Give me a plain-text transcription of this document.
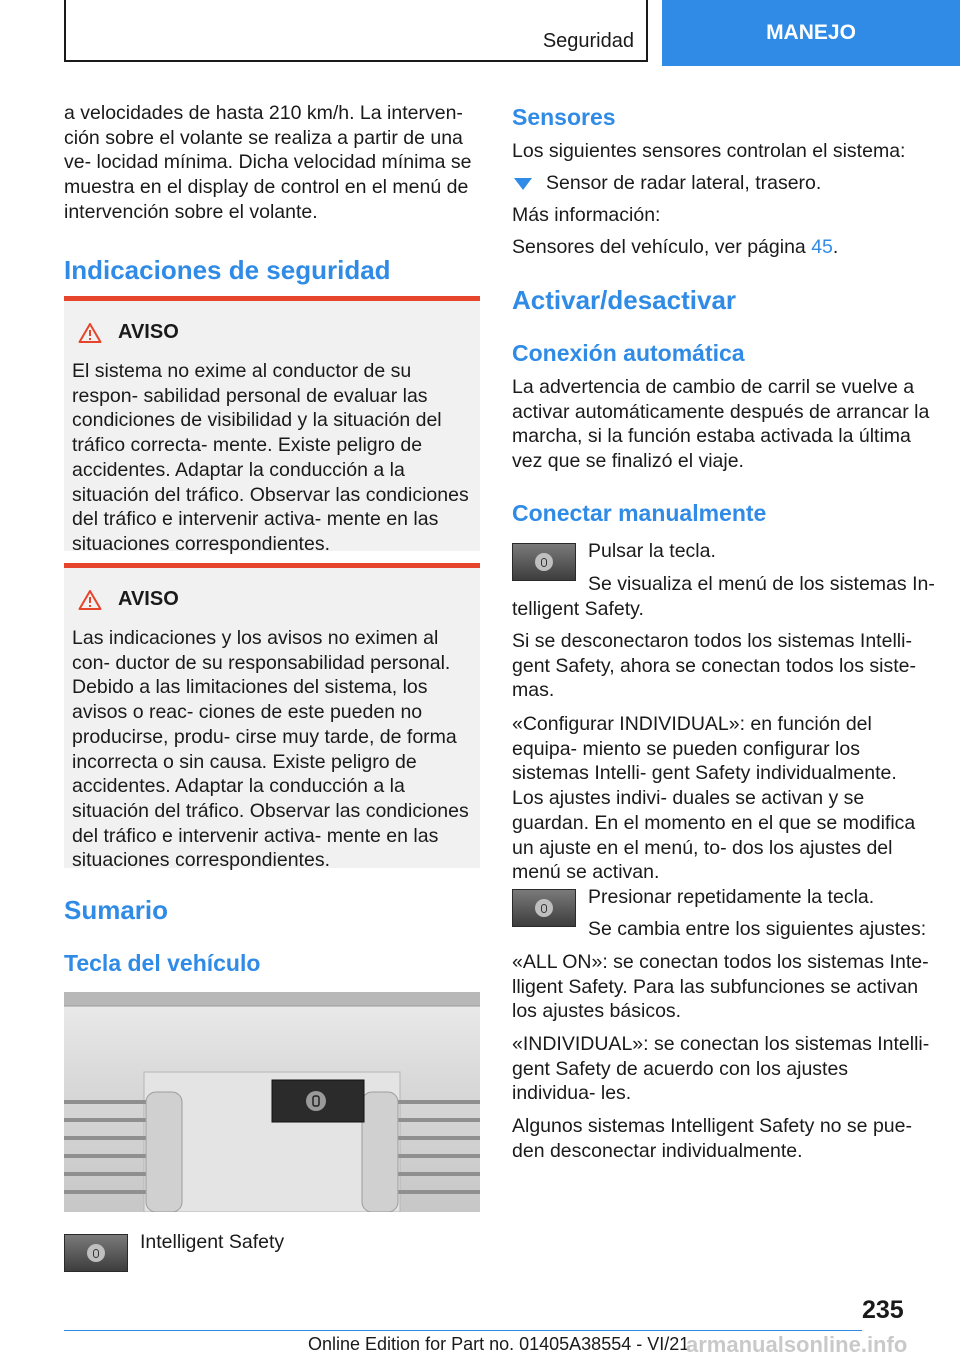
Seguridad	MANEJO
a velocidades de hasta 210 km/h. La interven‐ ción sobre el volante se realiza a partir de una ve‐ locidad mínima. Dicha velocidad mínima se muestra en el display de control en el menú de intervención sobre el volante.
Indicaciones de seguridad
AVISO
El sistema no exime al conductor de su respon‐ sabilidad personal de evaluar las condiciones de visibilidad y la situación del tráfico correcta‐ mente. Existe peligro de accidentes. Adaptar la conducción a la situación del tráfico. Observar las condiciones del tráfico e intervenir activa‐ mente en las situaciones correspondientes.
AVISO
Las indicaciones y los avisos no eximen al con‐ ductor de su responsabilidad personal. Debido a las limitaciones del sistema, los avisos o reac‐ ciones de este pueden no producirse, produ‐ cirse muy tarde, de forma incorrecta o sin causa. Existe peligro de accidentes. Adaptar la conducción a la situación del tráfico. Observar las condiciones del tráfico e intervenir activa‐ mente en las situaciones correspondientes.
Sumario
Tecla del vehículo
Intelligent Safety
Sensores
Los siguientes sensores controlan el sistema:
Sensor de radar lateral, trasero.
Más información:
Sensores del vehículo, ver página 45.
Activar/desactivar
Conexión automática
La advertencia de cambio de carril se vuelve a activar automáticamente después de arrancar la marcha, si la función estaba activada la última vez que se finalizó el viaje.
Conectar manualmente
Pulsar la tecla.
Se visualiza el menú de los sistemas In‐
telligent Safety.
Si se desconectaron todos los sistemas Intelli‐ gent Safety, ahora se conectan todos los siste‐ mas.
«Configurar INDIVIDUAL»: en función del equipa‐ miento se pueden configurar los sistemas Intelli‐ gent Safety individualmente. Los ajustes indivi‐ duales se activan y se guardan. En el momento en el que se modifica un ajuste en el menú, to‐ dos los ajustes del menú se activan.
Presionar repetidamente la tecla.
Se cambia entre los siguientes ajustes:
«ALL ON»: se conectan todos los sistemas Inte‐ lligent Safety. Para las subfunciones se activan los ajustes básicos.
«INDIVIDUAL»: se conectan los sistemas Intelli‐ gent Safety de acuerdo con los ajustes individua‐ les.
Algunos sistemas Intelligent Safety no se pue‐ den desconectar individualmente.
235
Online Edition for Part no. 01405A38554 - VI/21
armanualsonline.info
